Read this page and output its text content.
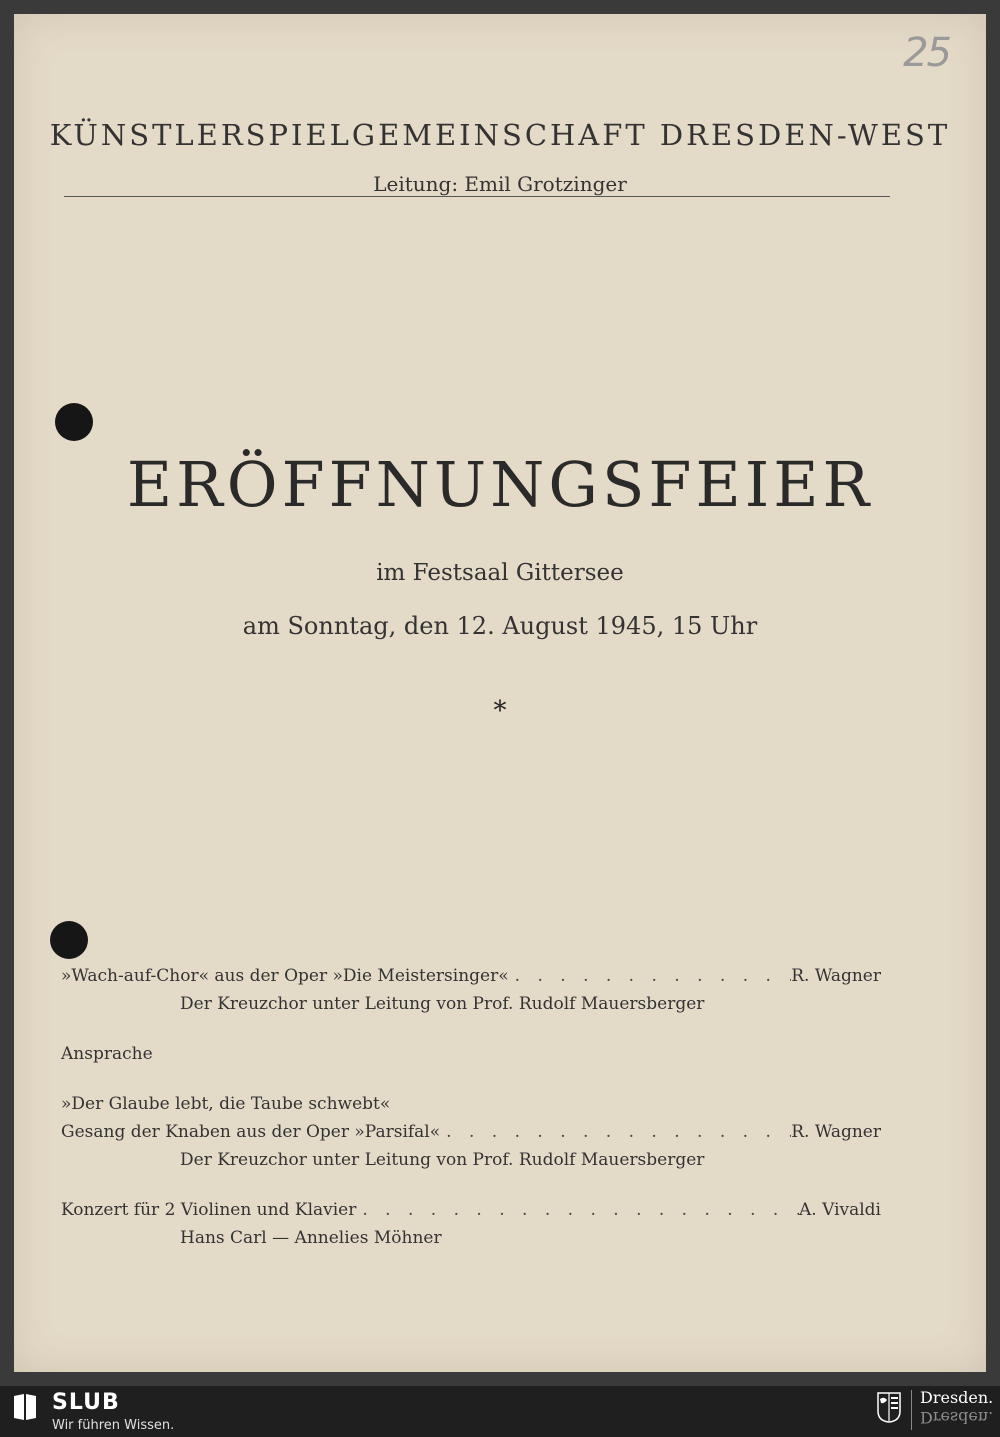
25
KÜNSTLERSPIELGEMEINSCHAFT DRESDEN-WEST
Leitung: Emil Grotzinger
ERÖFFNUNGSFEIER
im Festsaal Gittersee
am Sonntag, den 12. August 1945, 15 Uhr
*
»Wach-auf-Chor« aus der Oper »Die Meistersinger« . . .	R. Wagner
Der Kreuzchor unter Leitung von Prof. Rudolf Mauersberger
Ansprache
»Der Glaube lebt, die Taube schwebt«
Gesang der Knaben aus der Oper »Parsifal« . . .	R. Wagner
Der Kreuzchor unter Leitung von Prof. Rudolf Mauersberger
Konzert für 2 Violinen und Klavier . . .	A. Vivaldi
Hans Carl — Annelies Möhner
SLUB
Wir führen Wissen.
Dresden.
Dresden.
